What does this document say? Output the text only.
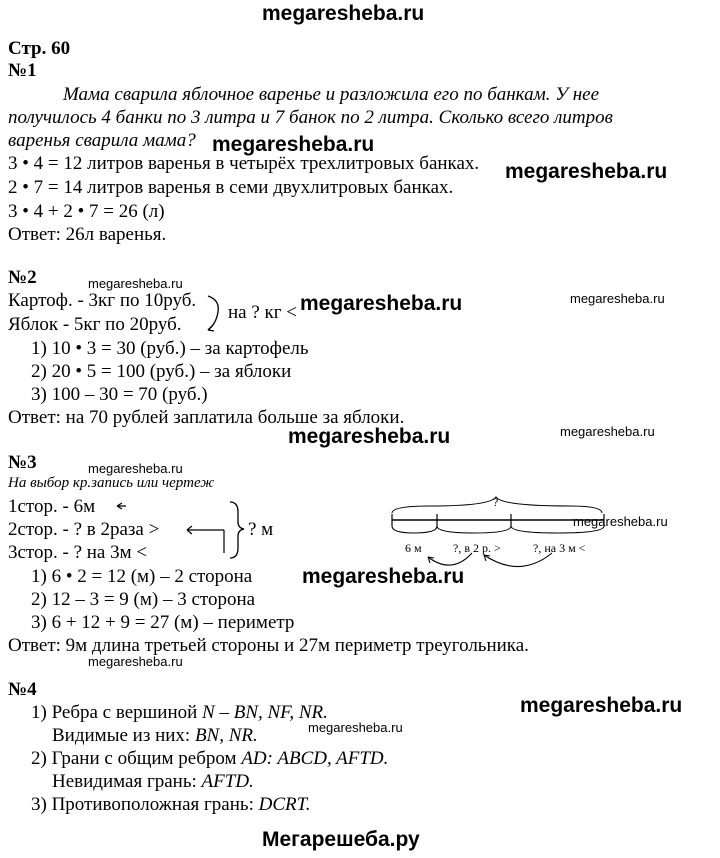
megaresheba.ru
Стр. 60
№1
Мама сварила яблочное варенье и разложила его по банкам. У нее
получилось 4 банки по 3 литра и 7 банок по 2 литра. Сколько всего литров
варенья сварила мама? megaresheba.ru
3 • 4 = 12 литров варенья в четырёх трехлитровых банках. megaresheba.ru
2 • 7 = 14 литров варенья в семи двухлитровых банках.
3 • 4 + 2 • 7 = 26 (л)
Ответ: 26л варенья.
№2	megaresheba.ru
Картоф. - 3кг по 10руб.
Яблок - 5кг по 20руб.
на ? кг < megaresheba.ru	megaresheba.ru
1) 10 • 3 = 30 (руб.) – за картофель
2) 20 • 5 = 100 (руб.) – за яблоки
3) 100 – 30 = 70 (руб.)
Ответ: на 70 рублей заплатила больше за яблоки.
megaresheba.ru	megaresheba.ru
№3	megaresheba.ru
На выбор кр.запись или чертеж
1стор. - 6м
2стор. - ? в 2раза >
3стор. - ? на 3м <
? м
?
6 м	?, в 2 р. >	?, на 3 м <
megaresheba.ru
1) 6 • 2 = 12 (м) – 2 сторона megaresheba.ru
2) 12 – 3 = 9 (м) – 3 сторона
3) 6 + 12 + 9 = 27 (м) – периметр
Ответ: 9м длина третьей стороны и 27м периметр треугольника.
megaresheba.ru
№4
megaresheba.ru
1) Ребра с вершиной N – BN, NF, NR.
megaresheba.ru
Видимые из них: BN, NR.
2) Грани с общим ребром AD: ABCD, AFTD.
Невидимая грань: AFTD.
3) Противоположная грань: DCRT.
Мегарешеба.ру
